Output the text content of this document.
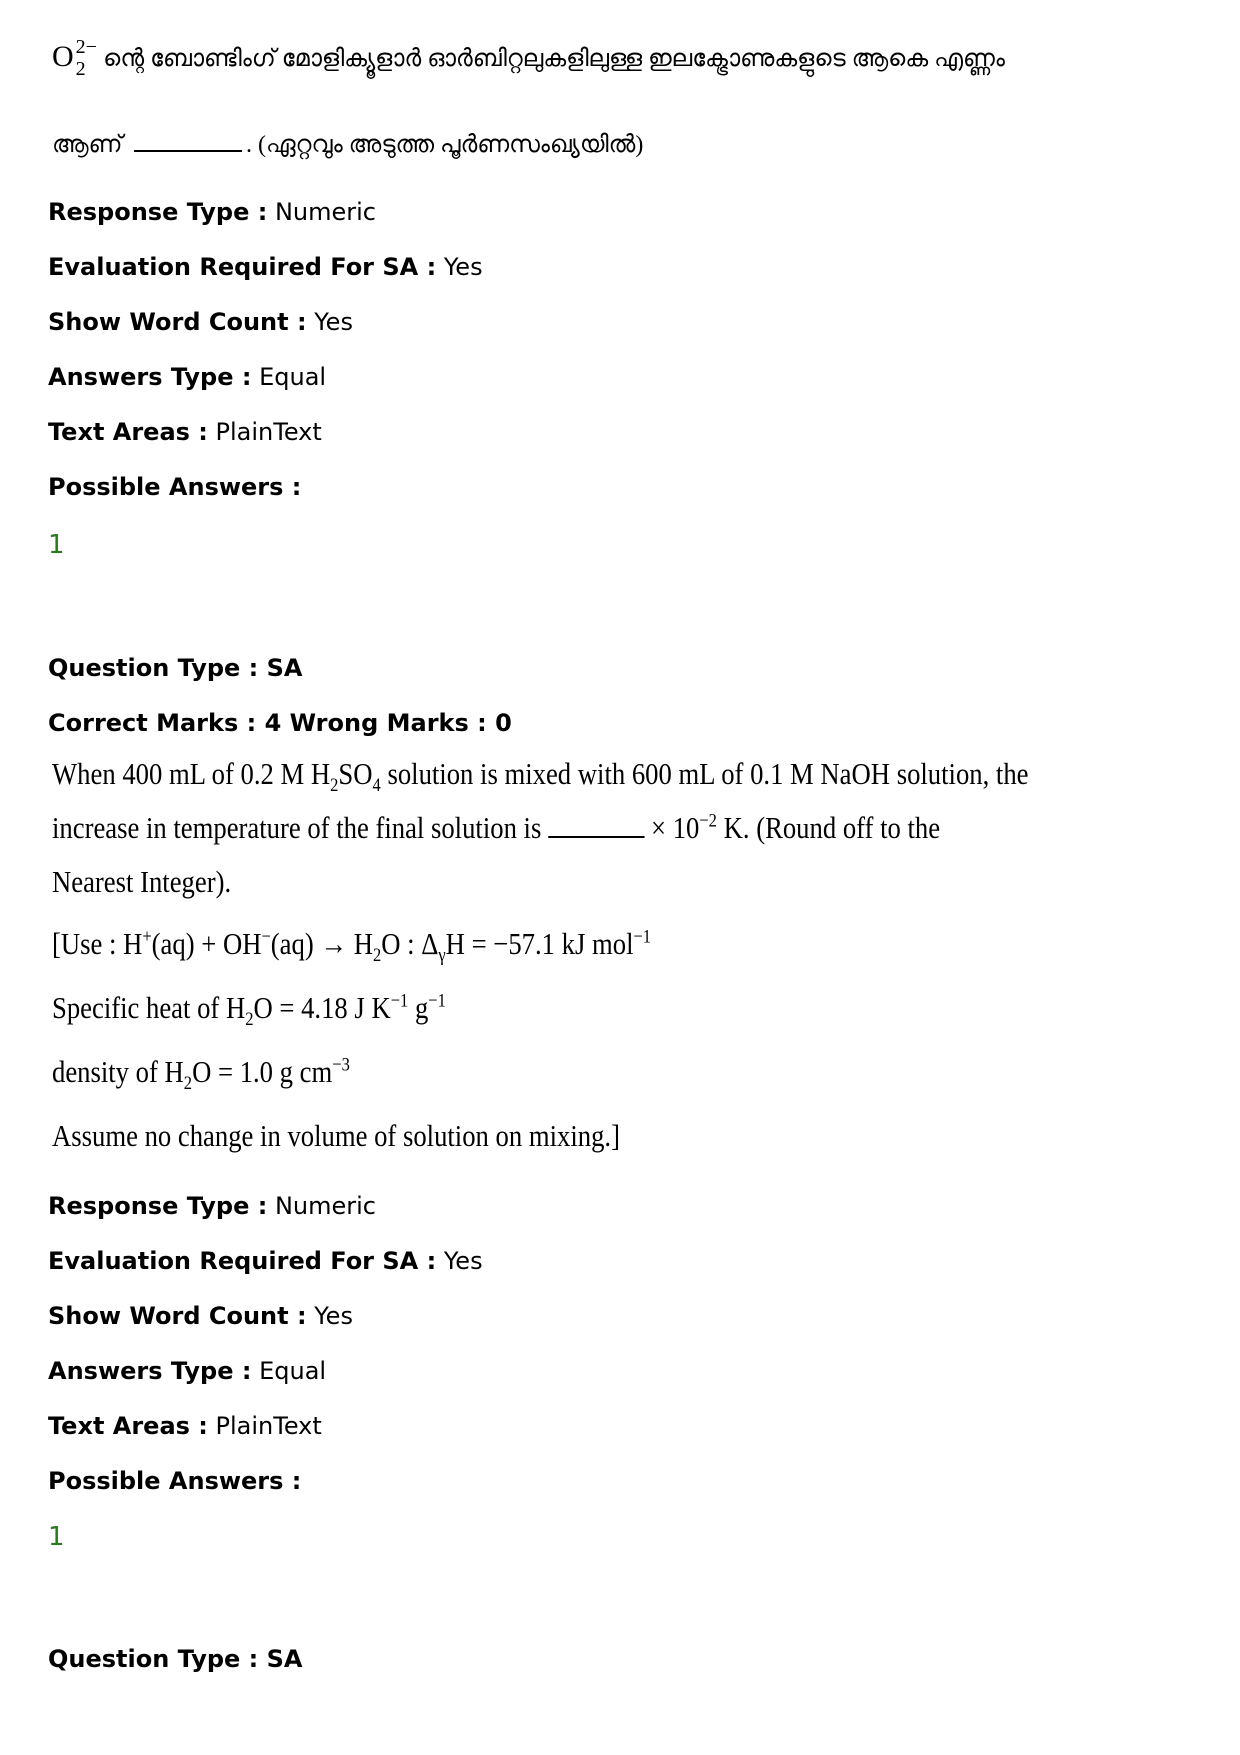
O 2−
2 ന്റെ ബോണ്ടിംഗ് മോളിക്യൂളാർ ഓർബിറ്റലുകളിലുള്ള ഇലക്ട്രോണുകളുടെ ആകെ എണ്ണം
ആണ്	. (ഏറ്റവും അടുത്ത പൂർണസംഖ്യയിൽ)
Response Type : Numeric
Evaluation Required For SA : Yes
Show Word Count : Yes
Answers Type : Equal
Text Areas : PlainText
Possible Answers :
1
Question Type : SA
Correct Marks : 4 Wrong Marks : 0
When 400 mL of 0.2 M $H_2SO_4$ solution is mixed with 600 mL of 0.1 M NaOH solution, the
increase in temperature of the final solution is	× $10^{-2}$ K. (Round off to the
Nearest Integer).
[Use : $H^+(aq) + OH^-(aq) \to H_2O$ : $\Delta_\gamma H = -57.1$ kJ mol$^{-1}$
Specific heat of $H_2O = 4.18$ J $K^{-1}$ $g^{-1}$
density of $H_2O = 1.0$ g $cm^{-3}$
Assume no change in volume of solution on mixing.]
Response Type : Numeric
Evaluation Required For SA : Yes
Show Word Count : Yes
Answers Type : Equal
Text Areas : PlainText
Possible Answers :
1
Question Type : SA
